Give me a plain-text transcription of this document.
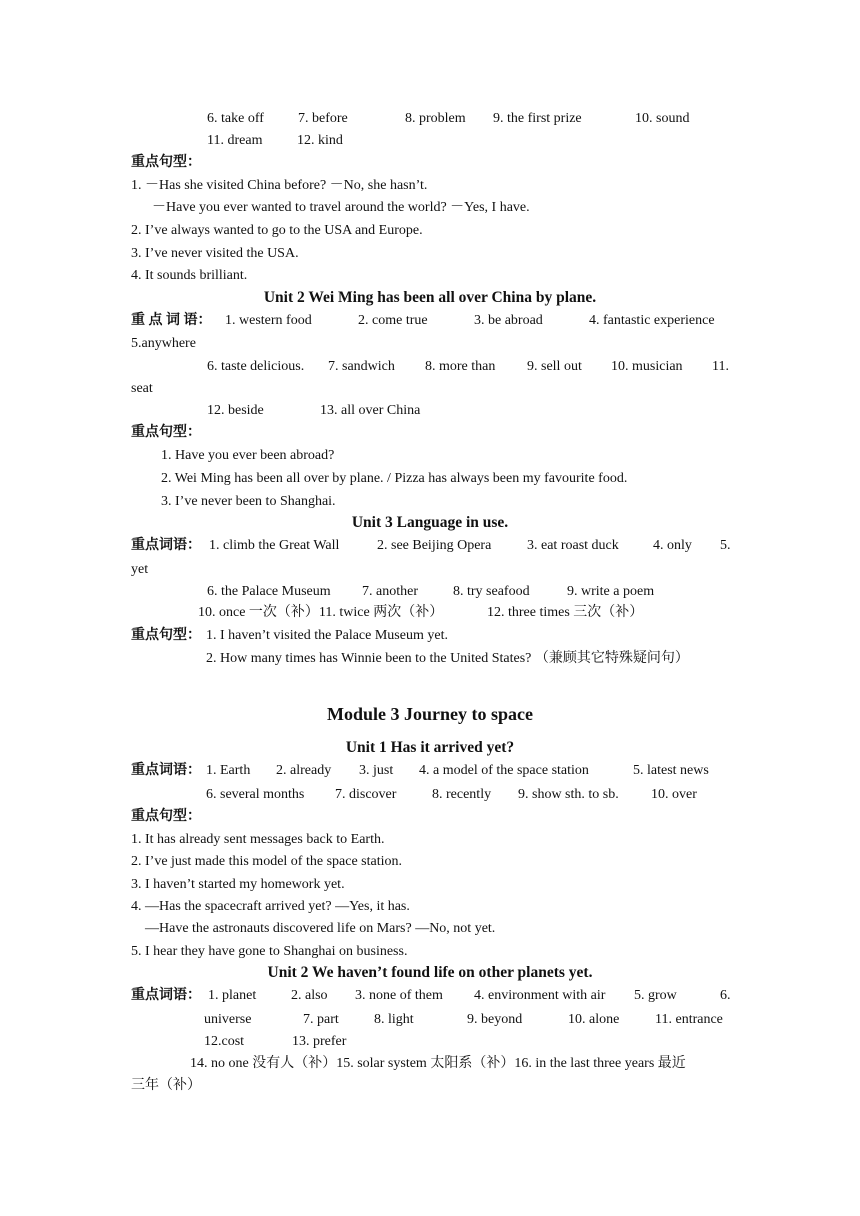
6. take off 7. before	8. problem 9. the first prize	10. sound
11. dream 12. kind
重点句型：
1. －Has she visited China before? －No, she hasn’t.
－Have you ever wanted to travel around the world? －Yes, I have.
2. I’ve always wanted to go to the USA and Europe.
3. I’ve never visited the USA.
4. It sounds brilliant.
Unit 2 Wei Ming has been all over China by plane.
重 点 词 语： 1. western food	2. come true	3. be abroad	4. fantastic experience
5.anywhere
6. taste delicious. 7. sandwich 8. more than 9. sell out 10. musician 11.
seat
12. beside	13. all over China
重点句型：
1. Have you ever been abroad?
2. Wei Ming has been all over by plane. / Pizza has always been my favourite food.
3. I’ve never been to Shanghai.
Unit 3 Language in use.
重点词语： 1. climb the Great Wall	2. see Beijing Opera	3. eat roast duck 4. only 5.
yet
6. the Palace Museum 7. another	8. try seafood	9. write a poem
10. once 一次（补）11. twice 两次（补）	12. three times 三次（补）
重点句型： 1. I haven’t visited the Palace Museum yet.
2. How many times has Winnie been to the United States? （兼顾其它特殊疑问句）
Module 3 Journey to space
Unit 1 Has it arrived yet?
重点词语： 1. Earth 2. already 3. just 4. a model of the space station	5. latest news
6. several months 7. discover	8. recently 9. show sth. to sb. 10. over
重点句型：
1. It has already sent messages back to Earth.
2. I’ve just made this model of the space station.
3. I haven’t started my homework yet.
4. —Has the spacecraft arrived yet? —Yes, it has.
—Have the astronauts discovered life on Mars? —No, not yet.
5. I hear they have gone to Shanghai on business.
Unit 2 We haven’t found life on other planets yet.
重点词语： 1. planet 2. also 3. none of them 4. environment with air 5. grow	6.
universe	7. part	8. light	9. beyond	10. alone	11. entrance
12.cost	13. prefer
14. no one 没有人（补）15. solar system 太阳系（补）16. in the last three years 最近
三年（补）
